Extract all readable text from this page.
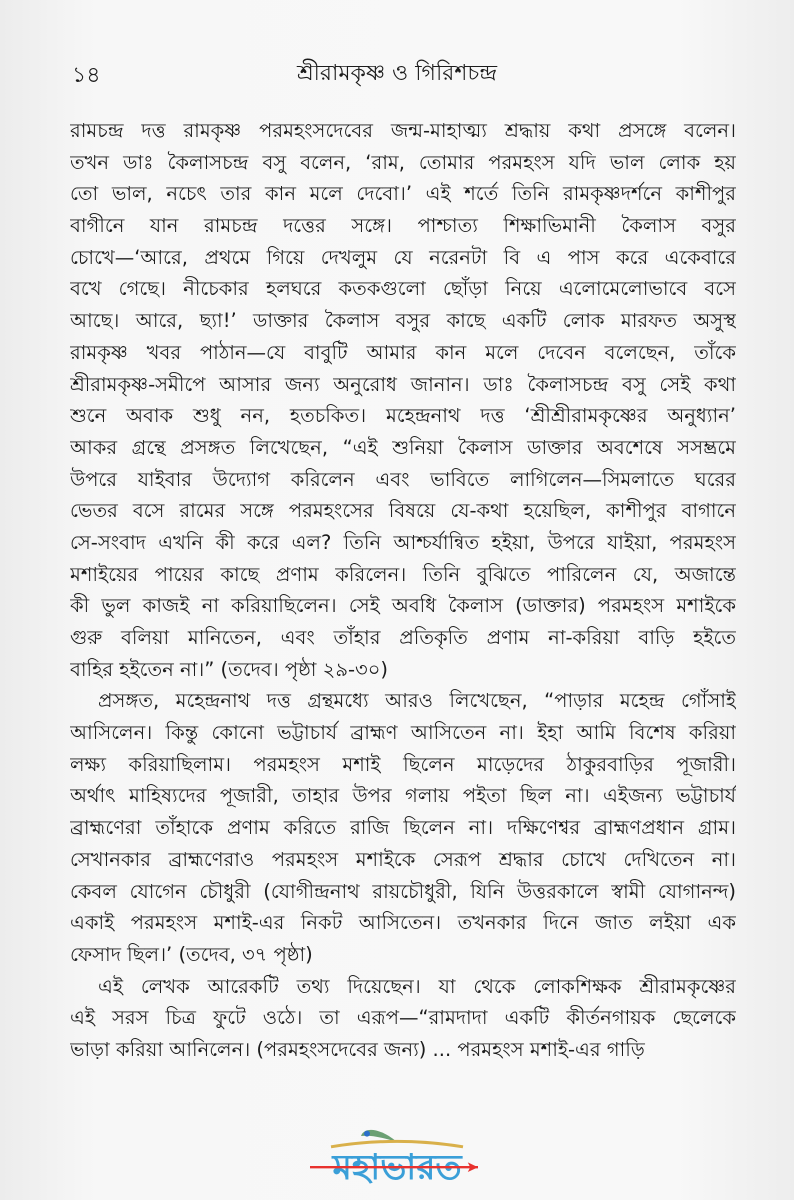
১৪	শ্রীরামকৃষ্ণ ও গিরিশচন্দ্র
রামচন্দ্র দত্ত রামকৃষ্ণ পরমহংসদেবের জন্ম-মাহাত্ম্য শ্রদ্ধায় কথা প্রসঙ্গে বলেন।
তখন ডাঃ কৈলাসচন্দ্র বসু বলেন, ‘রাম, তোমার পরমহংস যদি ভাল লোক হয়
তো ভাল, নচেৎ তার কান মলে দেবো।’ এই শর্তে তিনি রামকৃষ্ণদর্শনে কাশীপুর
বাগীনে যান রামচন্দ্র দত্তের সঙ্গে। পাশ্চাত্য শিক্ষাভিমানী কৈলাস বসুর
চোখে—‘আরে, প্রথমে গিয়ে দেখলুম যে নরেনটা বি এ পাস করে একেবারে
বখে গেছে। নীচেকার হলঘরে কতকগুলো ছোঁড়া নিয়ে এলোমেলোভাবে বসে
আছে। আরে, ছ্যা!’ ডাক্তার কৈলাস বসুর কাছে একটি লোক মারফত অসুস্থ
রামকৃষ্ণ খবর পাঠান—যে বাবুটি আমার কান মলে দেবেন বলেছেন, তাঁকে
শ্রীরামকৃষ্ণ-সমীপে আসার জন্য অনুরোধ জানান। ডাঃ কৈলাসচন্দ্র বসু সেই কথা
শুনে অবাক শুধু নন, হতচকিত। মহেন্দ্রনাথ দত্ত ‘শ্রীশ্রীরামকৃষ্ণের অনুধ্যান’
আকর গ্রন্থে প্রসঙ্গত লিখেছেন, “এই শুনিয়া কৈলাস ডাক্তার অবশেষে সসম্ভ্রমে
উপরে যাইবার উদ্যোগ করিলেন এবং ভাবিতে লাগিলেন—সিমলাতে ঘরের
ভেতর বসে রামের সঙ্গে পরমহংসের বিষয়ে যে-কথা হয়েছিল, কাশীপুর বাগানে
সে-সংবাদ এখনি কী করে এল? তিনি আশ্চর্যান্বিত হইয়া, উপরে যাইয়া, পরমহংস
মশাইয়ের পায়ের কাছে প্রণাম করিলেন। তিনি বুঝিতে পারিলেন যে, অজান্তে
কী ভুল কাজই না করিয়াছিলেন। সেই অবধি কৈলাস (ডাক্তার) পরমহংস মশাইকে
গুরু বলিয়া মানিতেন, এবং তাঁহার প্রতিকৃতি প্রণাম না-করিয়া বাড়ি হইতে
বাহির হইতেন না।” (তদেব। পৃষ্ঠা ২৯-৩০)
প্রসঙ্গত, মহেন্দ্রনাথ দত্ত গ্রন্থমধ্যে আরও লিখেছেন, “পাড়ার মহেন্দ্র গোঁসাই
আসিলেন। কিন্তু কোনো ভট্টাচার্য ব্রাহ্মণ আসিতেন না। ইহা আমি বিশেষ করিয়া
লক্ষ্য করিয়াছিলাম। পরমহংস মশাই ছিলেন মাড়েদের ঠাকুরবাড়ির পূজারী।
অর্থাৎ মাহিষ্যদের পূজারী, তাহার উপর গলায় পইতা ছিল না। এইজন্য ভট্টাচার্য
ব্রাহ্মণেরা তাঁহাকে প্রণাম করিতে রাজি ছিলেন না। দক্ষিণেশ্বর ব্রাহ্মণপ্রধান গ্রাম।
সেখানকার ব্রাহ্মণেরাও পরমহংস মশাইকে সেরূপ শ্রদ্ধার চোখে দেখিতেন না।
কেবল যোগেন চৌধুরী (যোগীন্দ্রনাথ রায়চৌধুরী, যিনি উত্তরকালে স্বামী যোগানন্দ)
একাই পরমহংস মশাই-এর নিকট আসিতেন। তখনকার দিনে জাত লইয়া এক
ফেসাদ ছিল।’ (তদেব, ৩৭ পৃষ্ঠা)
এই লেখক আরেকটি তথ্য দিয়েছেন। যা থেকে লোকশিক্ষক শ্রীরামকৃষ্ণের
এই সরস চিত্র ফুটে ওঠে। তা এরূপ—“রামদাদা একটি কীর্তনগায়ক ছেলেকে
ভাড়া করিয়া আনিলেন। (পরমহংসদেবের জন্য) ... পরমহংস মশাই-এর গাড়ি
মহাভারত
